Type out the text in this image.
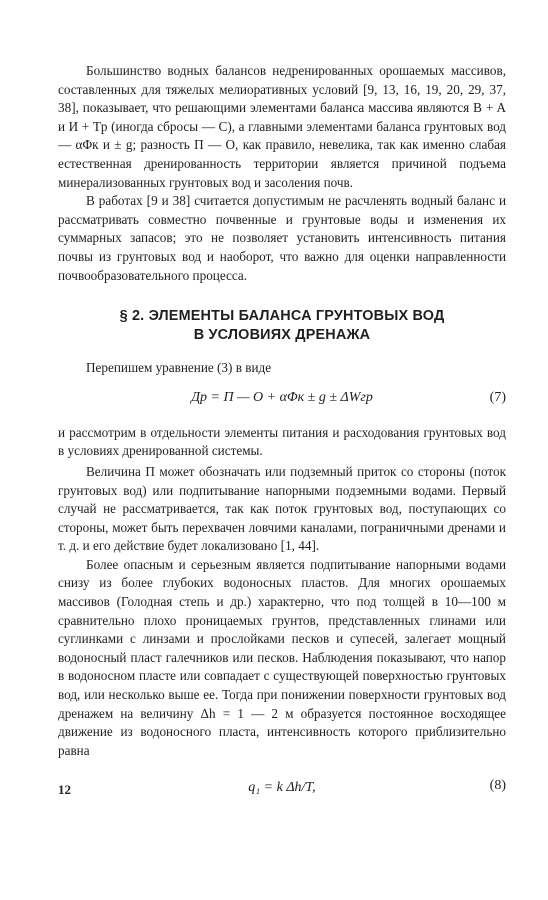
Большинство водных балансов недренированных орошаемых массивов, составленных для тяжелых мелиоративных условий [9, 13, 16, 19, 20, 29, 37, 38], показывает, что решающими элементами баланса массива являются B + A и И + Tр (иногда сбросы — C), а главными элементами баланса грунтовых вод — αΦк и ± g; разность П — O, как правило, невелика, так как именно слабая естественная дренированность территории является причиной подъема минерализованных грунтовых вод и засоления почв.

В работах [9 и 38] считается допустимым не расчленять водный баланс и рассматривать совместно почвенные и грунтовые воды и изменения их суммарных запасов; это не позволяет установить интенсивность питания почвы из грунтовых вод и наоборот, что важно для оценки направленности почвообразовательного процесса.

§ 2. ЭЛЕМЕНТЫ БАЛАНСА ГРУНТОВЫХ ВОД
В УСЛОВИЯХ ДРЕНАЖА

Перепишем уравнение (3) в виде

Др = П — О + αΦк ± g ± ΔWгр	(7)

и рассмотрим в отдельности элементы питания и расходования грунтовых вод в условиях дренированной системы.

Величина П может обозначать или подземный приток со стороны (поток грунтовых вод) или подпитывание напорными подземными водами. Первый случай не рассматривается, так как поток грунтовых вод, поступающих со стороны, может быть перехвачен ловчими каналами, пограничными дренами и т. д. и его действие будет локализовано [1, 44].

Более опасным и серьезным является подпитывание напорными водами снизу из более глубоких водоносных пластов. Для многих орошаемых массивов (Голодная степь и др.) характерно, что под толщей в 10—100 м сравнительно плохо проницаемых грунтов, представленных глинами или суглинками с линзами и прослойками песков и супесей, залегает мощный водоносный пласт галечников или песков. Наблюдения показывают, что напор в водоносном пласте или совпадает с существующей поверхностью грунтовых вод, или несколько выше ее. Тогда при понижении поверхности грунтовых вод дренажем на величину Δh = 1 — 2 м образуется постоянное восходящее движение из водоносного пласта, интенсивность которого приблизительно равна

q₁ = k Δh/T,	(8)
12
